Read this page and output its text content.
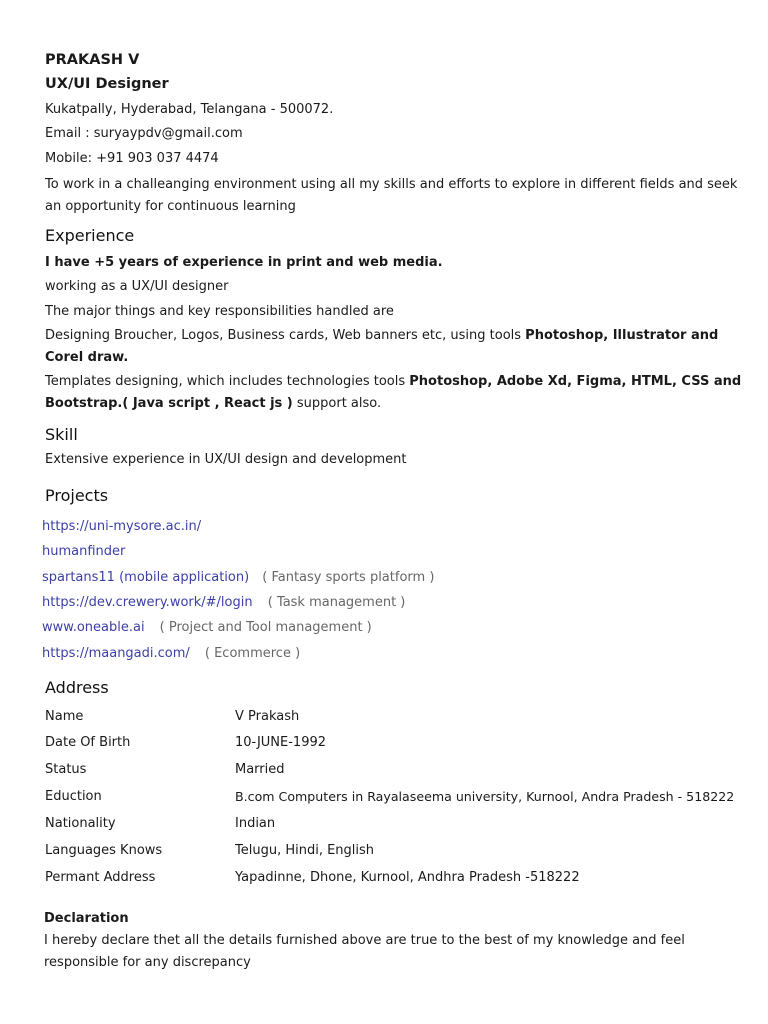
PRAKASH V
UX/UI Designer
Kukatpally, Hyderabad, Telangana - 500072.
Email : suryaypdv@gmail.com
Mobile: +91 903 037 4474
To work in a challeanging environment using all my skills and efforts to explore in different fields and seek
an opportunity for continuous learning
Experience
I have +5 years of experience in print and web media.
working as a UX/UI designer
The major things and key responsibilities handled are
Designing Broucher, Logos, Business cards, Web banners etc, using tools Photoshop, Illustrator and
Corel draw.
Templates designing, which includes technologies tools Photoshop, Adobe Xd, Figma, HTML, CSS and
Bootstrap.( Java script , React js ) support also.
Skill
Extensive experience in UX/UI design and development
Projects
https://uni-mysore.ac.in/
humanfinder
spartans11 (mobile application) ( Fantasy sports platform )
https://dev.crewery.work/#/login ( Task management )
www.oneable.ai ( Project and Tool management )
https://maangadi.com/ ( Ecommerce )
Address
Name	V Prakash
Date Of Birth	10-JUNE-1992
Status	Married
Eduction	B.com Computers in Rayalaseema university, Kurnool, Andra Pradesh - 518222
Nationality	Indian
Languages Knows	Telugu, Hindi, English
Permant Address	Yapadinne, Dhone, Kurnool, Andhra Pradesh -518222
Declaration
I hereby declare thet all the details furnished above are true to the best of my knowledge and feel
responsible for any discrepancy
